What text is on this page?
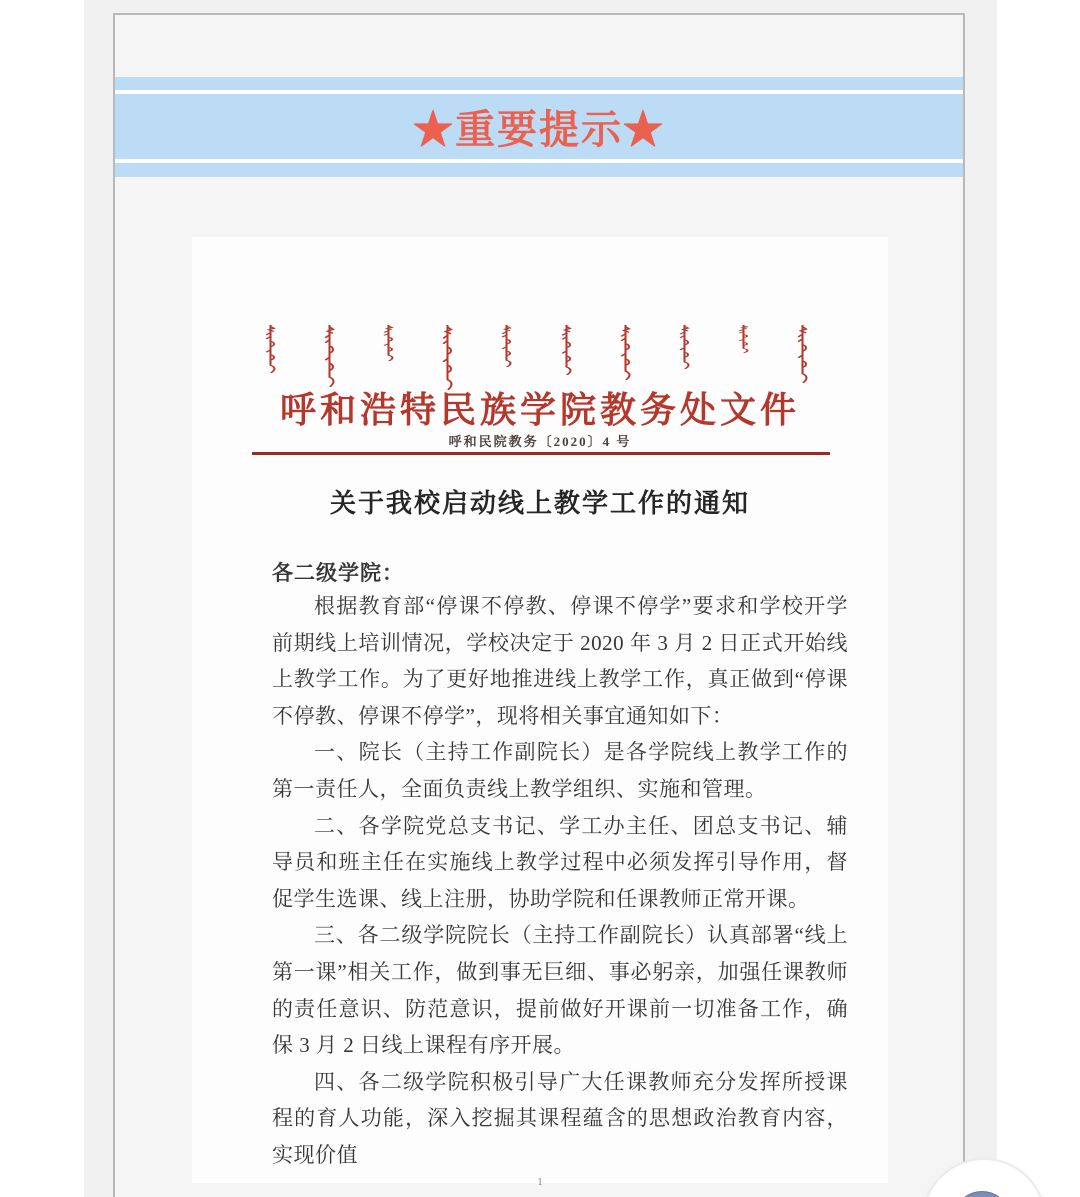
★重要提示★
呼和浩特民族学院教务处文件
呼和民院教务〔2020〕4 号
关于我校启动线上教学工作的通知

各二级学院：

根据教育部“停课不停教、停课不停学”要求和学校开学前期线上培训情况，学校决定于 2020 年 3 月 2 日正式开始线上教学工作。为了更好地推进线上教学工作，真正做到“停课不停教、停课不停学”，现将相关事宜通知如下：

一、院长（主持工作副院长）是各学院线上教学工作的第一责任人，全面负责线上教学组织、实施和管理。

二、各学院党总支书记、学工办主任、团总支书记、辅导员和班主任在实施线上教学过程中必须发挥引导作用，督促学生选课、线上注册，协助学院和任课教师正常开课。

三、各二级学院院长（主持工作副院长）认真部署“线上第一课”相关工作，做到事无巨细、事必躬亲，加强任课教师的责任意识、防范意识，提前做好开课前一切准备工作，确保 3 月 2 日线上课程有序开展。

四、各二级学院积极引导广大任课教师充分发挥所授课程的育人功能，深入挖掘其课程蕴含的思想政治教育内容，实现价值

1
